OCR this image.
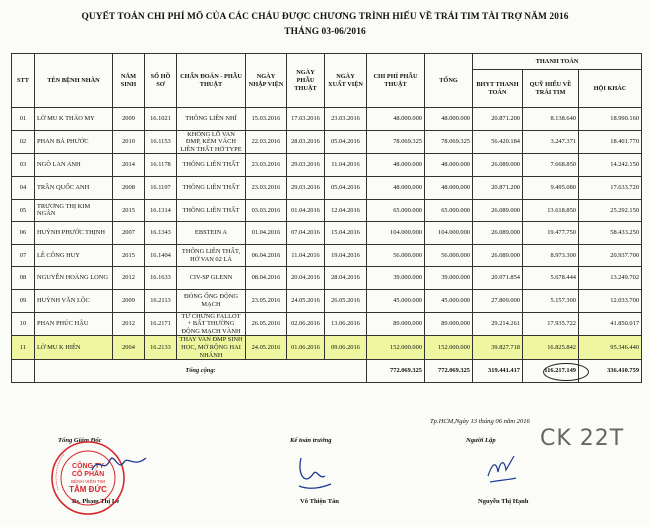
QUYẾT TOÁN CHI PHÍ MỔ CỦA CÁC CHÁU ĐƯỢC CHƯƠNG TRÌNH HIẾU VỀ TRÁI TIM TÀI TRỢ NĂM 2016
THÁNG 03-06/2016
STT	TÊN BỆNH NHÂN	NĂM SINH	SỐ HỒ SƠ	CHẨN ĐOÁN - PHẪU THUẬT	NGÀY NHẬP VIỆN	NGÀY PHẪU THUẬT	NGÀY XUẤT VIỆN	CHI PHÍ PHẪU THUẬT	TỔNG	THANH TOÁN		
										BHYT THANH TOÁN	QUỸ HIẾU VỀ TRÁI TIM	HỘI KHÁC
01	LỜ MU K THẢO MY	2009	16.1021	THÔNG LIÊN NHĨ	15.03.2016	17.03.2016	23.03.2016	48.000.000	48.000.000	20.871.200	8.138.640	18.990.160
02	PHAN BÁ PHƯỚC	2010	16.1153	KHÔNG LỖ VAN ĐMP, KÈM VÁCH LIÊN THẤT HỞ TYPE	22.03.2016	28.03.2016	05.04.2016	78.069.325	78.069.325	56.420.184	3.247.371	18.401.770
03	NGÔ LAN ANH	2014	16.1178	THÔNG LIÊN THẤT	23.03.2016	29.03.2016	11.04.2016	48.000.000	48.000.000	26.089.000	7.668.850	14.242.150
04	TRẦN QUỐC ANH	2008	16.1197	THÔNG LIÊN THẤT	23.03.2016	29.03.2016	05.04.2016	48.000.000	48.000.000	20.871.200	9.495.080	17.633.720
05	TRƯƠNG THỊ KIM NGÂN	2015	16.1314	THÔNG LIÊN THẤT	03.03.2016	01.04.2016	12.04.2016	65.000.000	65.000.000	26.089.000	13.618.850	25.292.150
06	HUỲNH PHƯỚC THỊNH	2007	16.1343	EBSTEIN A	01.04.2016	07.04.2016	15.04.2016	104.000.000	104.000.000	26.089.000	19.477.750	58.433.250
07	LÊ CÔNG HUY	2015	16.1404	THÔNG LIÊN THẤT, HỞ VAN 02 LÁ	06.04.2016	11.04.2016	19.04.2016	56.000.000	56.000.000	26.089.000	8.973.300	20.937.700
08	NGUYỄN HOÀNG LONG	2012	16.1633	CIV-SP GLENN	08.04.2016	20.04.2016	28.04.2016	39.000.000	39.000.000	20.071.854	5.678.444	13.249.702
09	HUỲNH VĂN LỘC	2009	16.2113	ĐÓNG ỐNG ĐỘNG MẠCH	23.05.2016	24.05.2016	26.05.2016	45.000.000	45.000.000	27.809.000	5.157.300	12.033.700
10	PHAN PHÚC HẬU	2012	16.2171	TỨ CHỨNG FALLOT + BẤT THƯỜNG ĐỘNG MẠCH VÀNH	26.05.2016	02.06.2016	13.06.2016	89.000.000	89.000.000	29.214.261	17.935.722	41.850.017
11	LỜ MU K HIÊN	2004	16.2133	THAY VAN ĐMP SINH HỌC, MỞ RỘNG HAI NHÁNH	24.05.2016	01.06.2016	09.06.2016	152.000.000	152.000.000	39.827.718	16.825.842	95.346.440
	Tổng cộng:							772.069.325	772.069.325	319.441.417	116.217.149	336.410.759
Tp.HCM,Ngày 13 tháng 06 năm 2016
Tổng Giám Đốc	Kế toán trưởng	Người Lập
Bs. Phạm Thị Lễ	Võ Thiện Tân	Nguyễn Thị Hạnh
CÔNG TY
CỔ PHẦN
BỆNH VIỆN TIM
TÂM ĐỨC
CK 22T
